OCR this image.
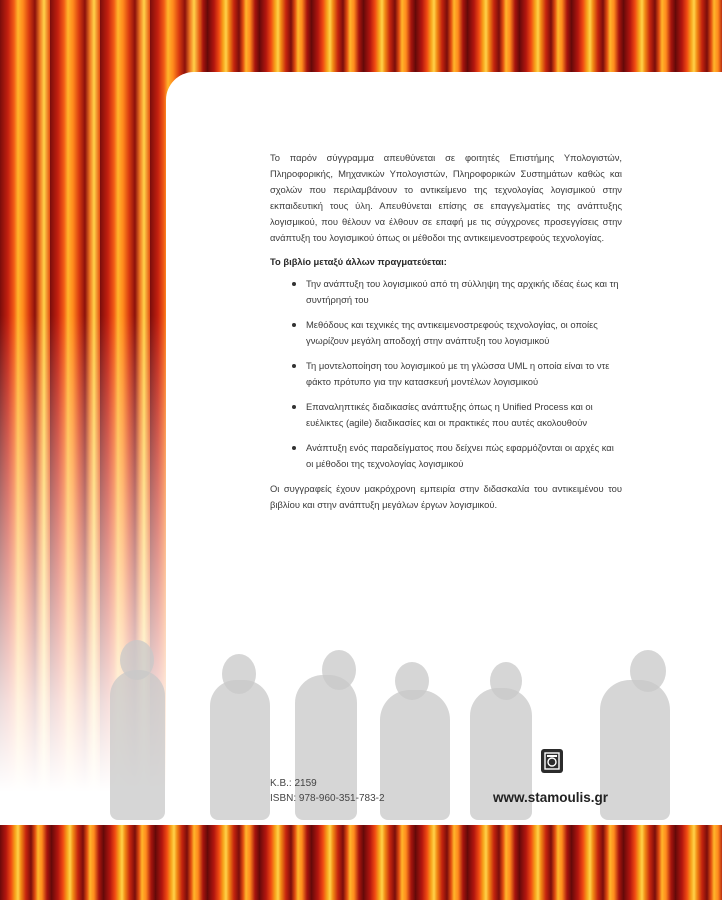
Το παρόν σύγγραμμα απευθύνεται σε φοιτητές Επιστήμης Υπολογιστών, Πληροφορικής, Μηχανικών Υπολογιστών, Πληροφορικών Συστημάτων καθώς και σχολών που περιλαμβάνουν το αντικείμενο της τεχνολογίας λογισμικού στην εκπαιδευτική τους ύλη. Απευθύνεται επίσης σε επαγγελματίες της ανάπτυξης λογισμικού, που θέλουν να έλθουν σε επαφή με τις σύγχρονες προσεγγίσεις στην ανάπτυξη του λογισμικού όπως οι μέθοδοι της αντικειμενοστρεφούς τεχνολογίας.

Το βιβλίο μεταξύ άλλων πραγματεύεται:
Την ανάπτυξη του λογισμικού από τη σύλληψη της αρχικής ιδέας έως και τη συντήρησή του
Μεθόδους και τεχνικές της αντικειμενοστρεφούς τεχνολογίας, οι οποίες γνωρίζουν μεγάλη αποδοχή στην ανάπτυξη του λογισμικού
Τη μοντελοποίηση του λογισμικού με τη γλώσσα UML η οποία είναι το ντε φάκτο πρότυπο για την κατασκευή μοντέλων λογισμικού
Επαναληπτικές διαδικασίες ανάπτυξης όπως η Unified Process και οι ευέλικτες (agile) διαδικασίες και οι πρακτικές που αυτές ακολουθούν
Ανάπτυξη ενός παραδείγματος που δείχνει πώς εφαρμόζονται οι αρχές και οι μέθοδοι της τεχνολογίας λογισμικού

Οι συγγραφείς έχουν μακρόχρονη εμπειρία στην διδασκαλία του αντικειμένου του βιβλίου και στην ανάπτυξη μεγάλων έργων λογισμικού.

Κ.Β.: 2159
ISBN: 978-960-351-783-2	www.stamoulis.gr
